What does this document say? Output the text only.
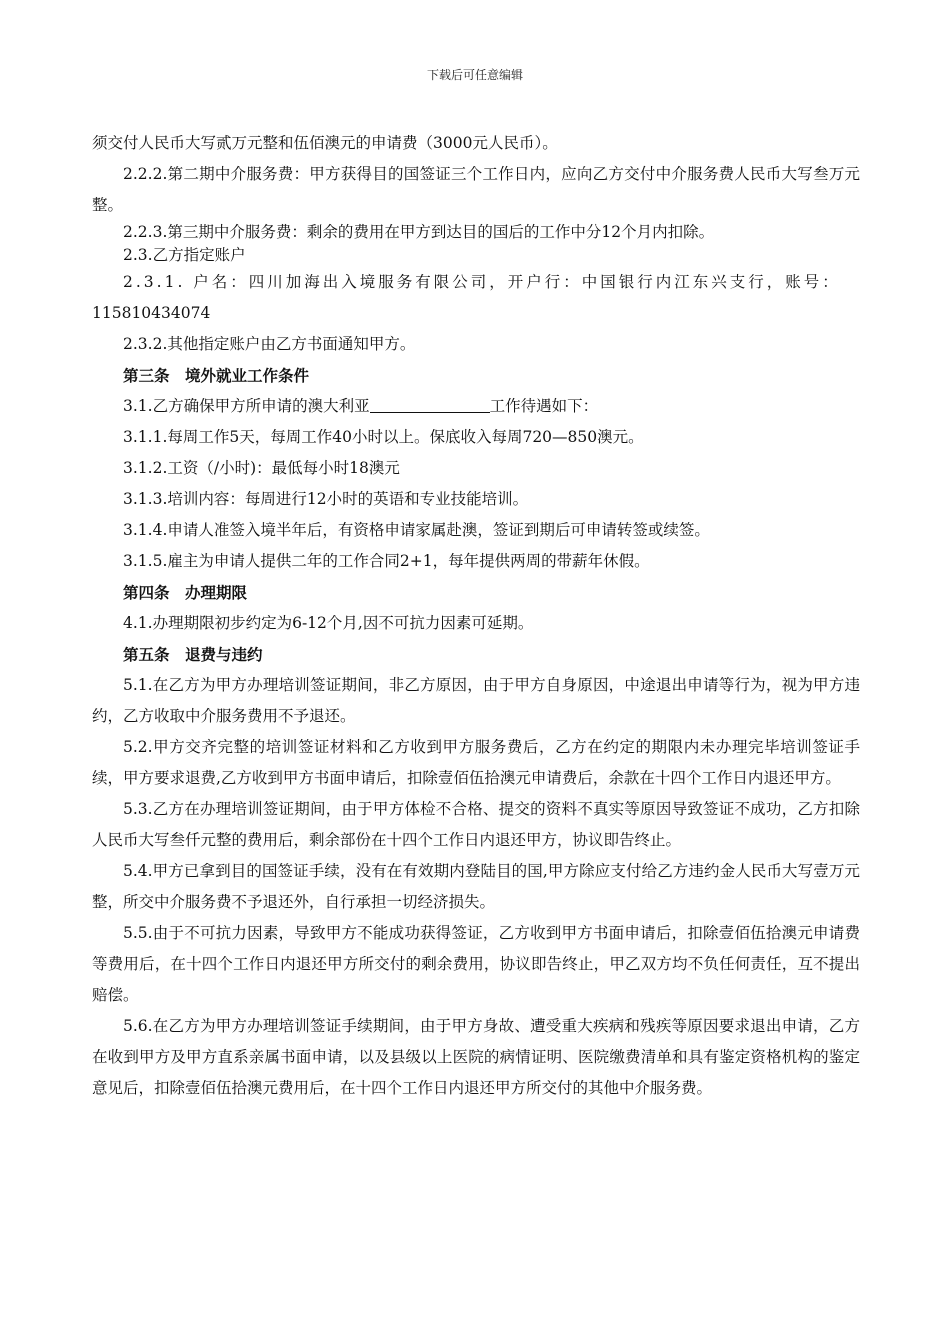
下载后可任意编辑

须交付人民币大写贰万元整和伍佰澳元的申请费（3000元人民币）。

2.2.2.第二期中介服务费：甲方获得目的国签证三个工作日内，应向乙方交付中介服务费人民币大写叁万元整。

2.2.3.第三期中介服务费：剩余的费用在甲方到达目的国后的工作中分12个月内扣除。

2.3.乙方指定账户

2.3.1. 户名：四川加海出入境服务有限公司，开户行：中国银行内江东兴支行，账号：
115810434074

2.3.2.其他指定账户由乙方书面通知甲方。

第三条　境外就业工作条件

3.1.乙方确保甲方所申请的澳大利亚	工作待遇如下：

3.1.1.每周工作5天，每周工作40小时以上。保底收入每周720—850澳元。

3.1.2.工资（/小时)：最低每小时18澳元

3.1.3.培训内容：每周进行12小时的英语和专业技能培训。

3.1.4.申请人准签入境半年后，有资格申请家属赴澳，签证到期后可申请转签或续签。

3.1.5.雇主为申请人提供二年的工作合同2+1，每年提供两周的带薪年休假。

第四条　办理期限

4.1.办理期限初步约定为6-12个月,因不可抗力因素可延期。

第五条　退费与违约

5.1.在乙方为甲方办理培训签证期间，非乙方原因，由于甲方自身原因，中途退出申请等行为，视为甲方违约，乙方收取中介服务费用不予退还。

5.2.甲方交齐完整的培训签证材料和乙方收到甲方服务费后，乙方在约定的期限内未办理完毕培训签证手续，甲方要求退费,乙方收到甲方书面申请后，扣除壹佰伍拾澳元申请费后，余款在十四个工作日内退还甲方。

5.3.乙方在办理培训签证期间，由于甲方体检不合格、提交的资料不真实等原因导致签证不成功，乙方扣除人民币大写叁仟元整的费用后，剩余部份在十四个工作日内退还甲方，协议即告终止。

5.4.甲方已拿到目的国签证手续，没有在有效期内登陆目的国,甲方除应支付给乙方违约金人民币大写壹万元整，所交中介服务费不予退还外，自行承担一切经济损失。

5.5.由于不可抗力因素，导致甲方不能成功获得签证，乙方收到甲方书面申请后，扣除壹佰伍拾澳元申请费等费用后，在十四个工作日内退还甲方所交付的剩余费用，协议即告终止，甲乙双方均不负任何责任，互不提出赔偿。

5.6.在乙方为甲方办理培训签证手续期间，由于甲方身故、遭受重大疾病和残疾等原因要求退出申请，乙方在收到甲方及甲方直系亲属书面申请，以及县级以上医院的病情证明、医院缴费清单和具有鉴定资格机构的鉴定意见后，扣除壹佰伍拾澳元费用后，在十四个工作日内退还甲方所交付的其他中介服务费。
